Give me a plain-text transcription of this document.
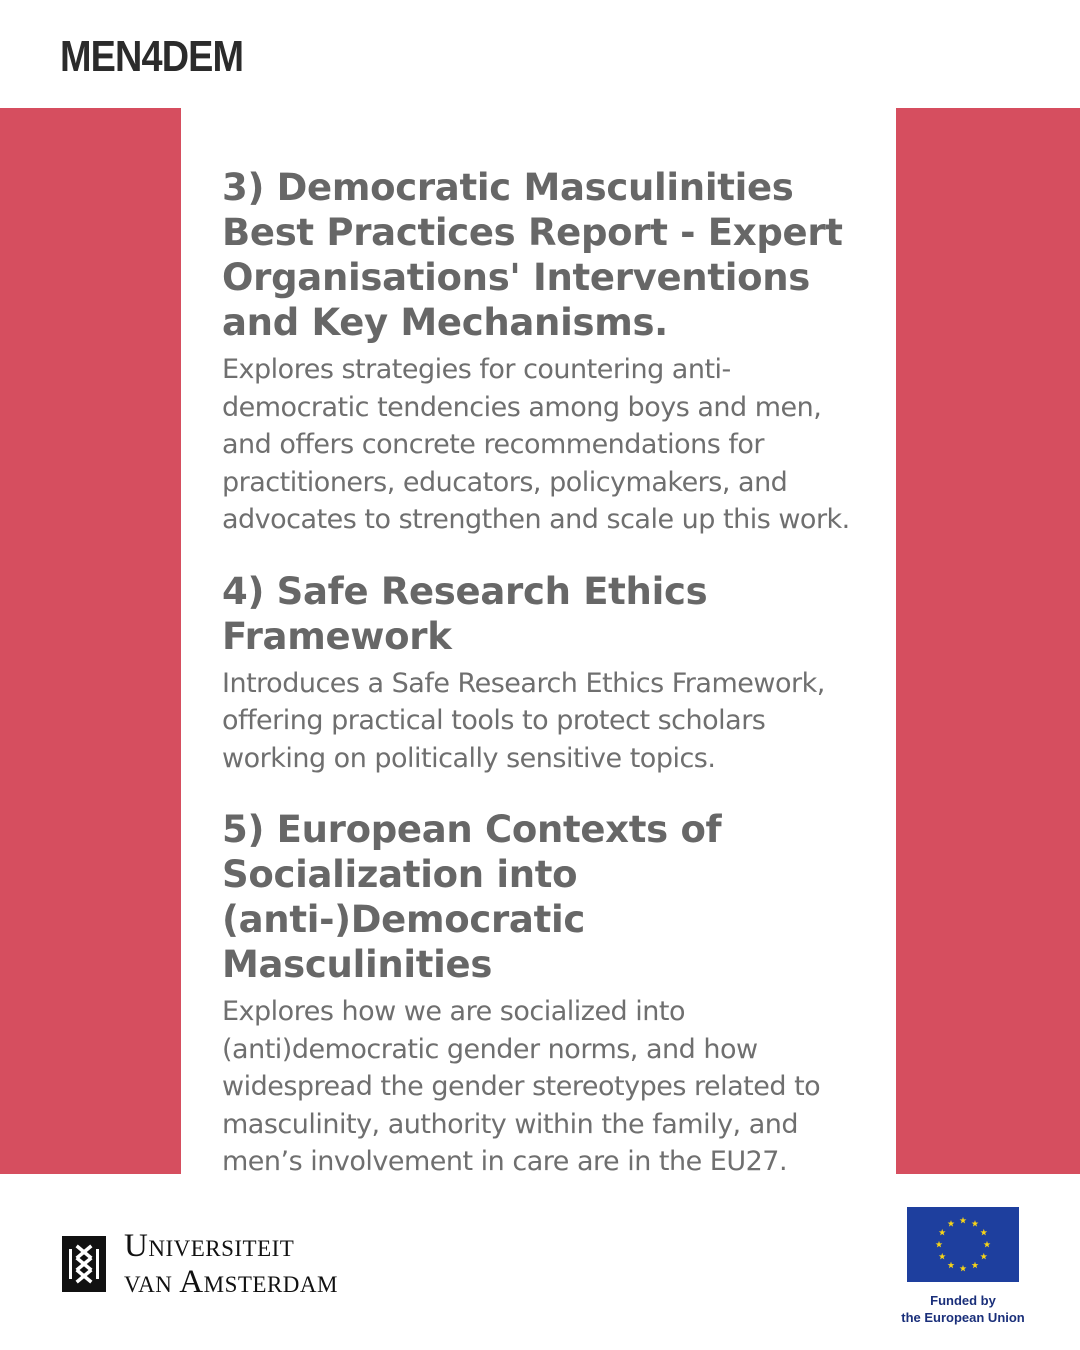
MEN4DEM
3) Democratic Masculinities Best Practices Report - Expert Organisations' Interventions and Key Mechanisms.

Explores strategies for countering anti-democratic tendencies among boys and men, and offers concrete recommendations for practitioners, educators, policymakers, and advocates to strengthen and scale up this work.

4) Safe Research Ethics Framework

Introduces a Safe Research Ethics Framework, offering practical tools to protect scholars working on politically sensitive topics.

5) European Contexts of Socialization into (anti-)Democratic Masculinities

Explores how we are socialized into (anti)democratic gender norms, and how widespread the gender stereotypes related to masculinity, authority within the family, and men’s involvement in care are in the EU27.

Universiteit
van Amsterdam
Funded by
the European Union
